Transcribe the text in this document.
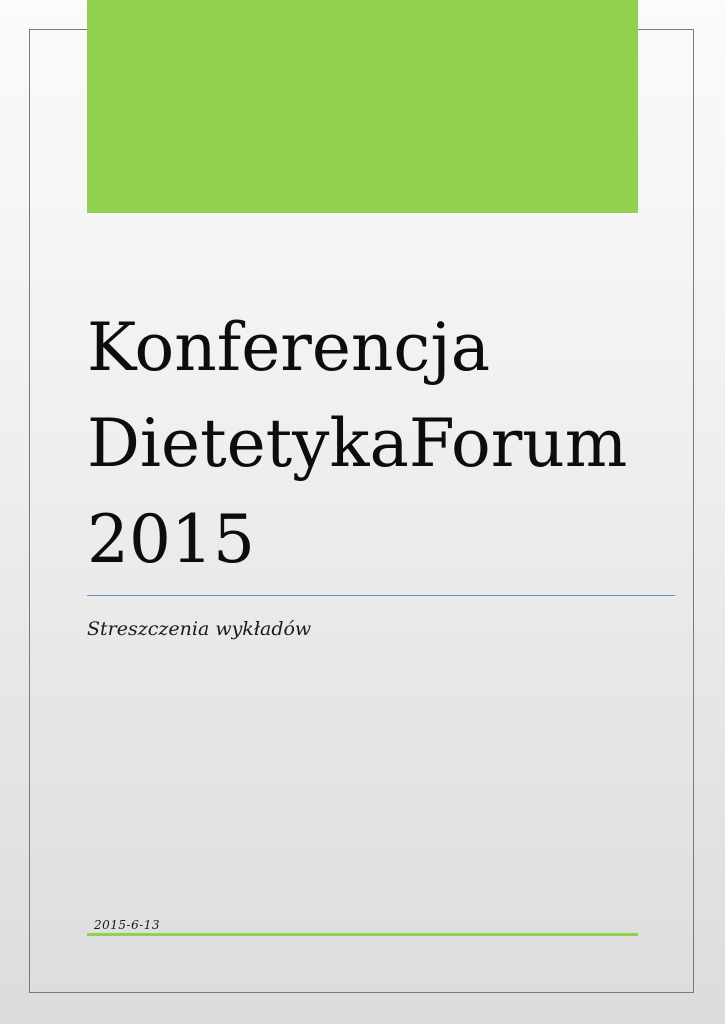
Konferencja
DietetykaForum
2015
Streszczenia wykładów
2015-6-13
